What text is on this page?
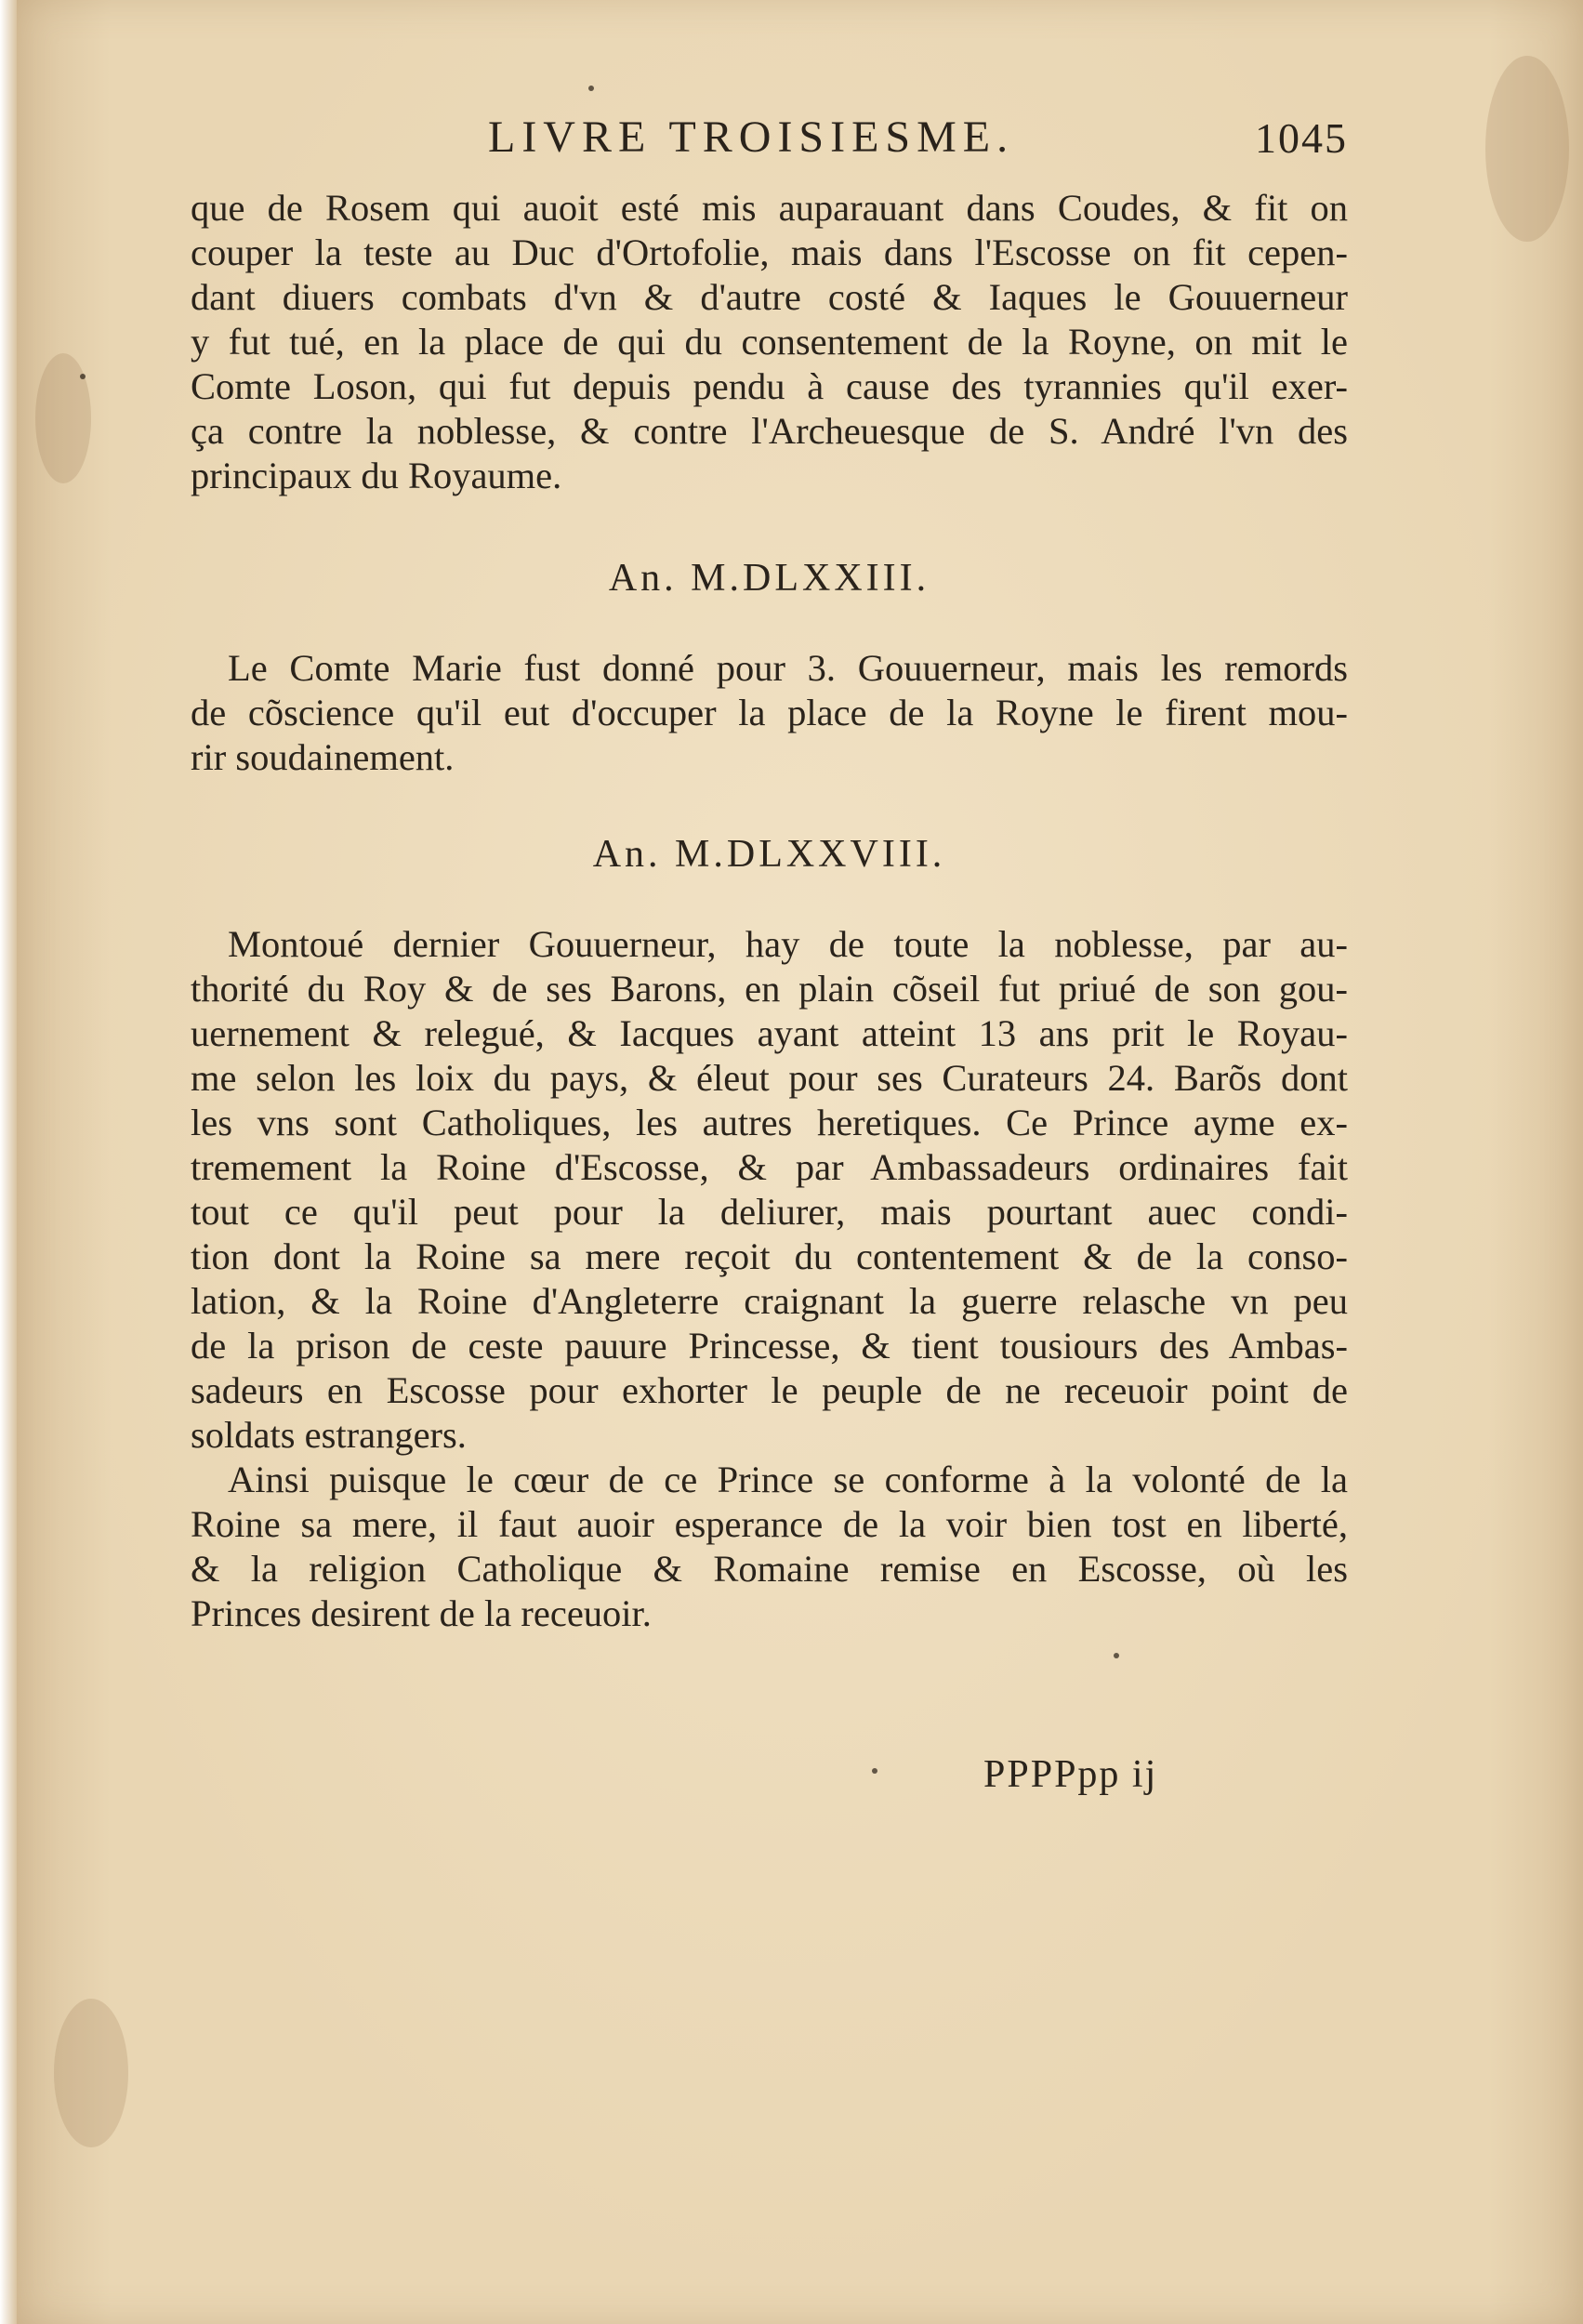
LIVRE TROISIESME.	1045
que de Rosem qui auoit esté mis auparauant dans Coudes, & fit on
couper la teste au Duc d'Ortofolie, mais dans l'Escosse on fit cepen-
dant diuers combats d'vn & d'autre costé & Iaques le Gouuerneur
y fut tué, en la place de qui du consentement de la Royne, on mit le
Comte Loson, qui fut depuis pendu à cause des tyrannies qu'il exer-
ça contre la noblesse, & contre l'Archeuesque de S. André l'vn des
principaux du Royaume.
An. M.DLXXIII.
Le Comte Marie fust donné pour 3. Gouuerneur, mais les remords
de cõscience qu'il eut d'occuper la place de la Royne le firent mou-
rir soudainement.
An. M.DLXXVIII.
Montoué dernier Gouuerneur, hay de toute la noblesse, par au-
thorité du Roy & de ses Barons, en plain cõseil fut priué de son gou-
uernement & relegué, & Iacques ayant atteint 13 ans prit le Royau-
me selon les loix du pays, & éleut pour ses Curateurs 24. Barõs dont
les vns sont Catholiques, les autres heretiques. Ce Prince ayme ex-
tremement la Roine d'Escosse, & par Ambassadeurs ordinaires fait
tout ce qu'il peut pour la deliurer, mais pourtant auec condi-
tion dont la Roine sa mere reçoit du contentement & de la conso-
lation, & la Roine d'Angleterre craignant la guerre relasche vn peu
de la prison de ceste pauure Princesse, & tient tousiours des Ambas-
sadeurs en Escosse pour exhorter le peuple de ne receuoir point de
soldats estrangers.
Ainsi puisque le cœur de ce Prince se conforme à la volonté de la
Roine sa mere, il faut auoir esperance de la voir bien tost en liberté,
& la religion Catholique & Romaine remise en Escosse, où les
Princes desirent de la receuoir.
PPPPpp ij
